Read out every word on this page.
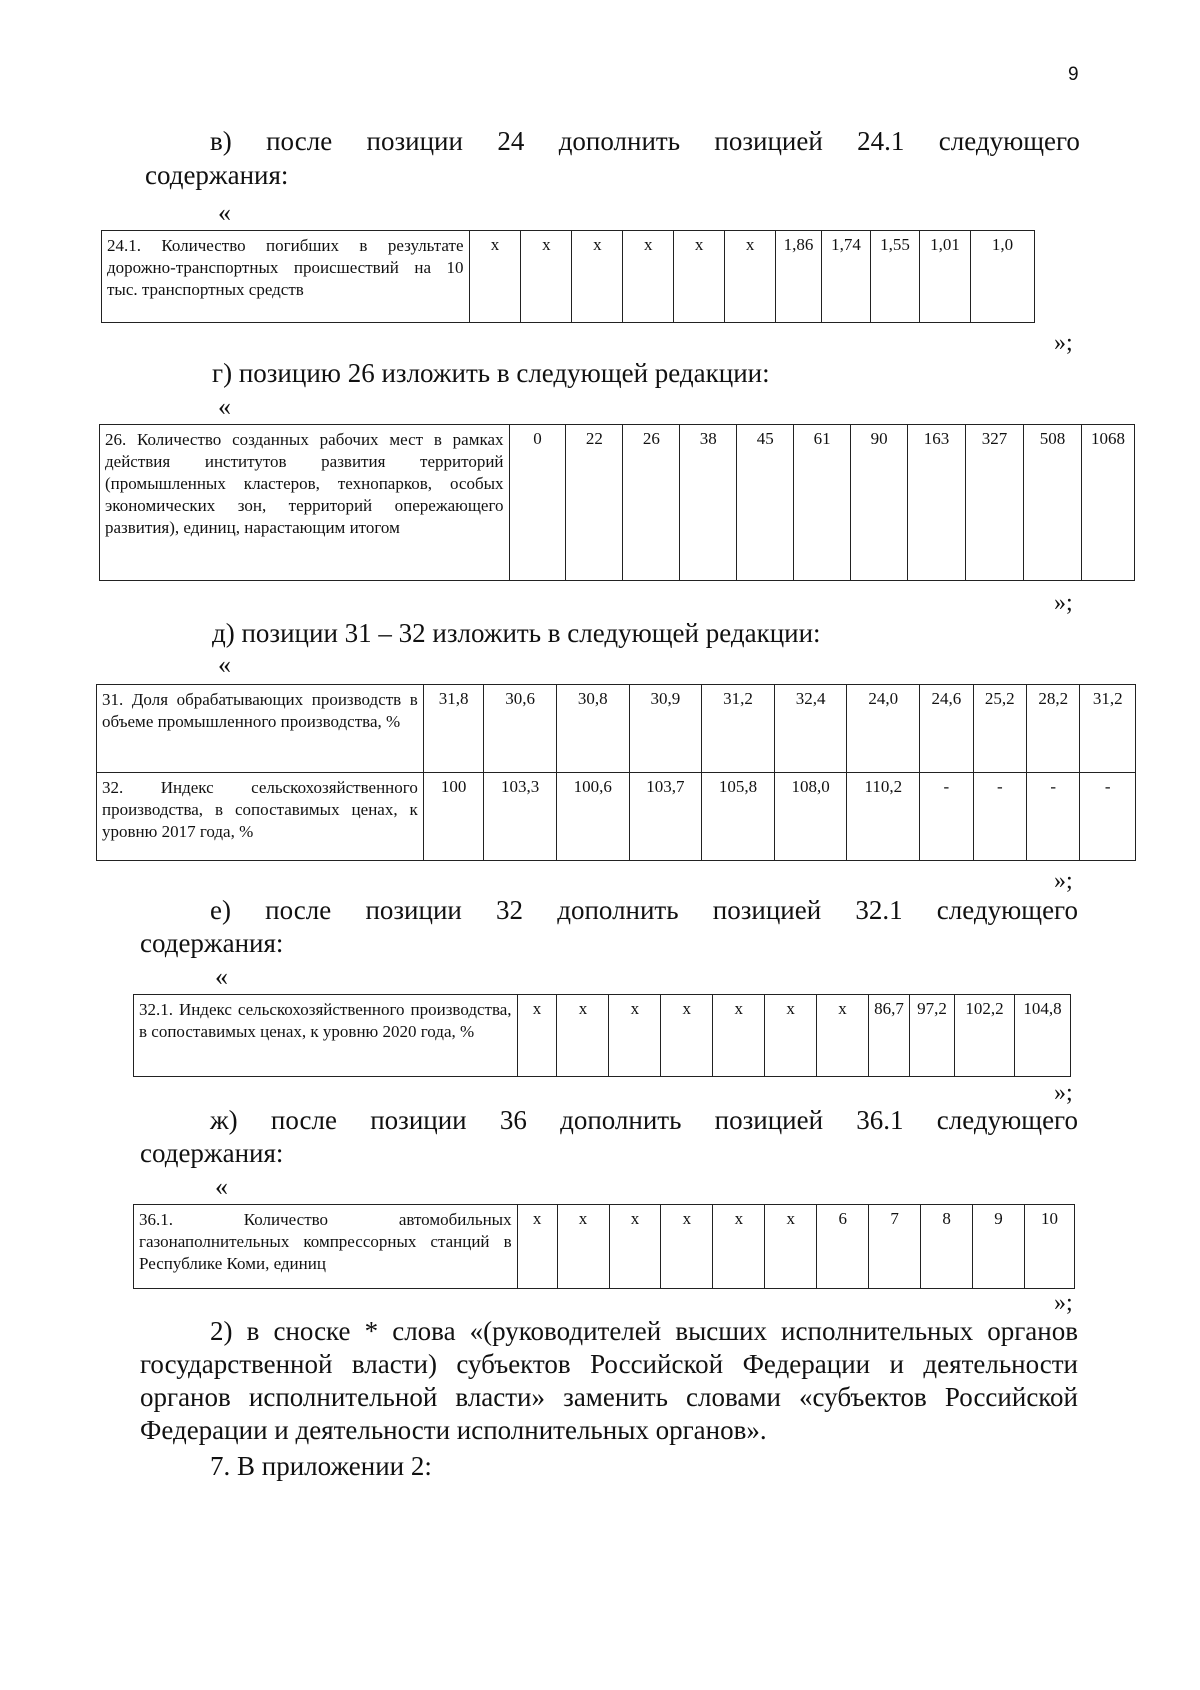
9
в) после позиции 24 дополнить позицией 24.1 следующего
содержания:
«
24.1. Количество погибших в результате дорожно-транспортных происшествий на 10 тыс. транспортных средств	x	x	x	x	x	x	1,86	1,74	1,55	1,01	1,0
»;
г) позицию 26 изложить в следующей редакции:
«
26. Количество созданных рабочих мест в рамках действия институтов развития территорий (промышленных кластеров, технопарков, особых экономических зон, территорий опережающего развития), единиц, нарастающим итогом	0	22	26	38	45	61	90	163	327	508	1068
»;
д) позиции 31 – 32 изложить в следующей редакции:
«
31. Доля обрабатывающих производств в объеме промышленного производства, %	31,8	30,6	30,8	30,9	31,2	32,4	24,0	24,6	25,2	28,2	31,2
32. Индекс сельскохозяйственного производства, в сопоставимых ценах, к уровню 2017 года, %	100	103,3	100,6	103,7	105,8	108,0	110,2	-	-	-	-
»;
е) после позиции 32 дополнить позицией 32.1 следующего
содержания:
«
32.1. Индекс сельскохозяйственного производства, в сопоставимых ценах, к уровню 2020 года, %	x	x	x	x	x	x	x	86,7	97,2	102,2	104,8
»;
ж) после позиции 36 дополнить позицией 36.1 следующего
содержания:
«
36.1. Количество автомобильных газонаполнительных компрессорных станций в Республике Коми, единиц	x	x	x	x	x	x	6	7	8	9	10
»;
2) в сноске * слова «(руководителей высших исполнительных органов государственной власти) субъектов Российской Федерации и деятельности органов исполнительной власти» заменить словами «субъектов Российской Федерации и деятельности исполнительных органов».
7. В приложении 2:
